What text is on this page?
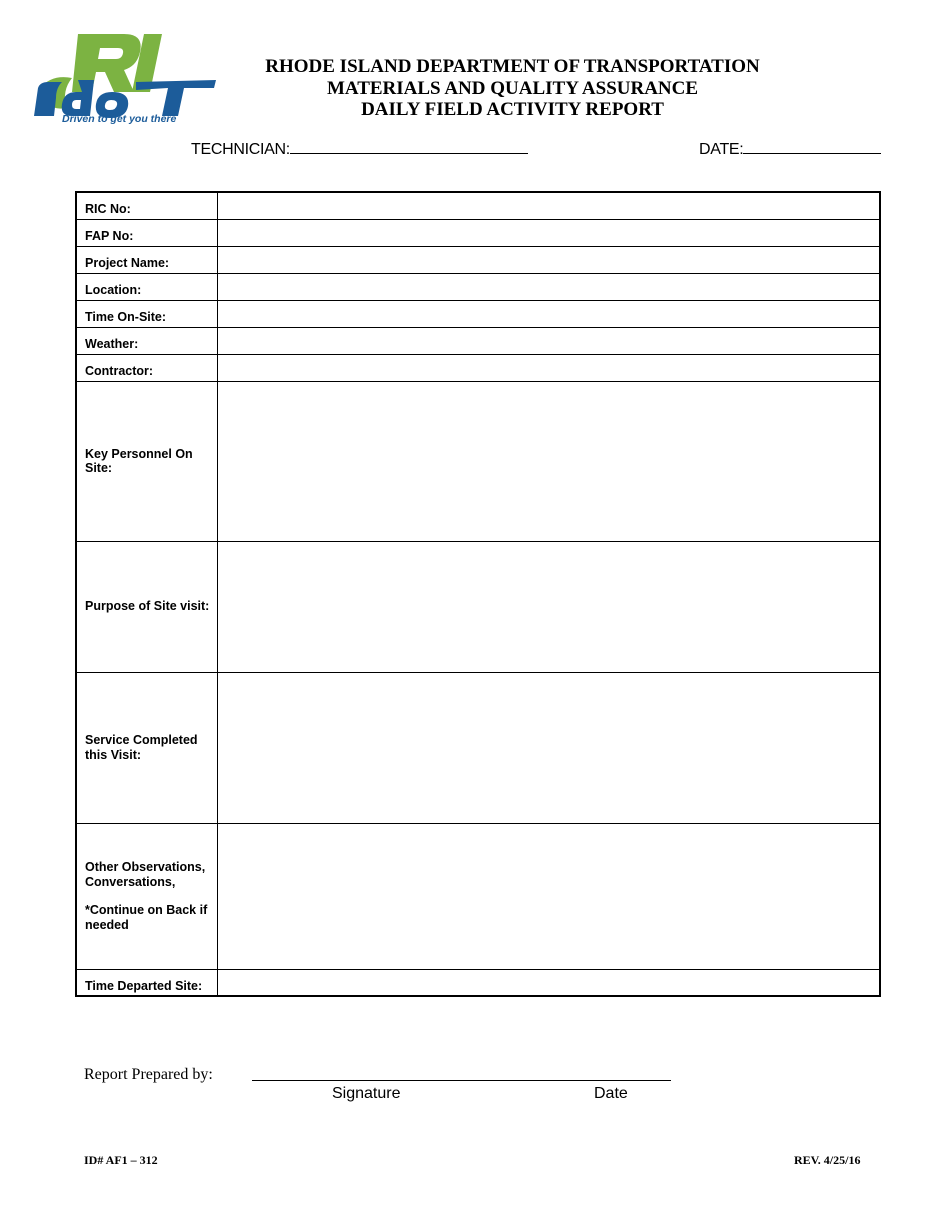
Driven to get you there
RHODE ISLAND DEPARTMENT OF TRANSPORTATION
MATERIALS AND QUALITY ASSURANCE
DAILY FIELD ACTIVITY REPORT
TECHNICIAN:	DATE:
RIC No:	
FAP No:	
Project Name:	
Location:	
Time On-Site:	
Weather:	
Contractor:	
Key Personnel On Site:	
Purpose of Site visit:	
Service Completed this Visit:	
Other Observations, Conversations,
*Continue on Back if needed	
Time Departed Site:	
Report Prepared by:
Signature	Date
ID# AF1 – 312	REV. 4/25/16
